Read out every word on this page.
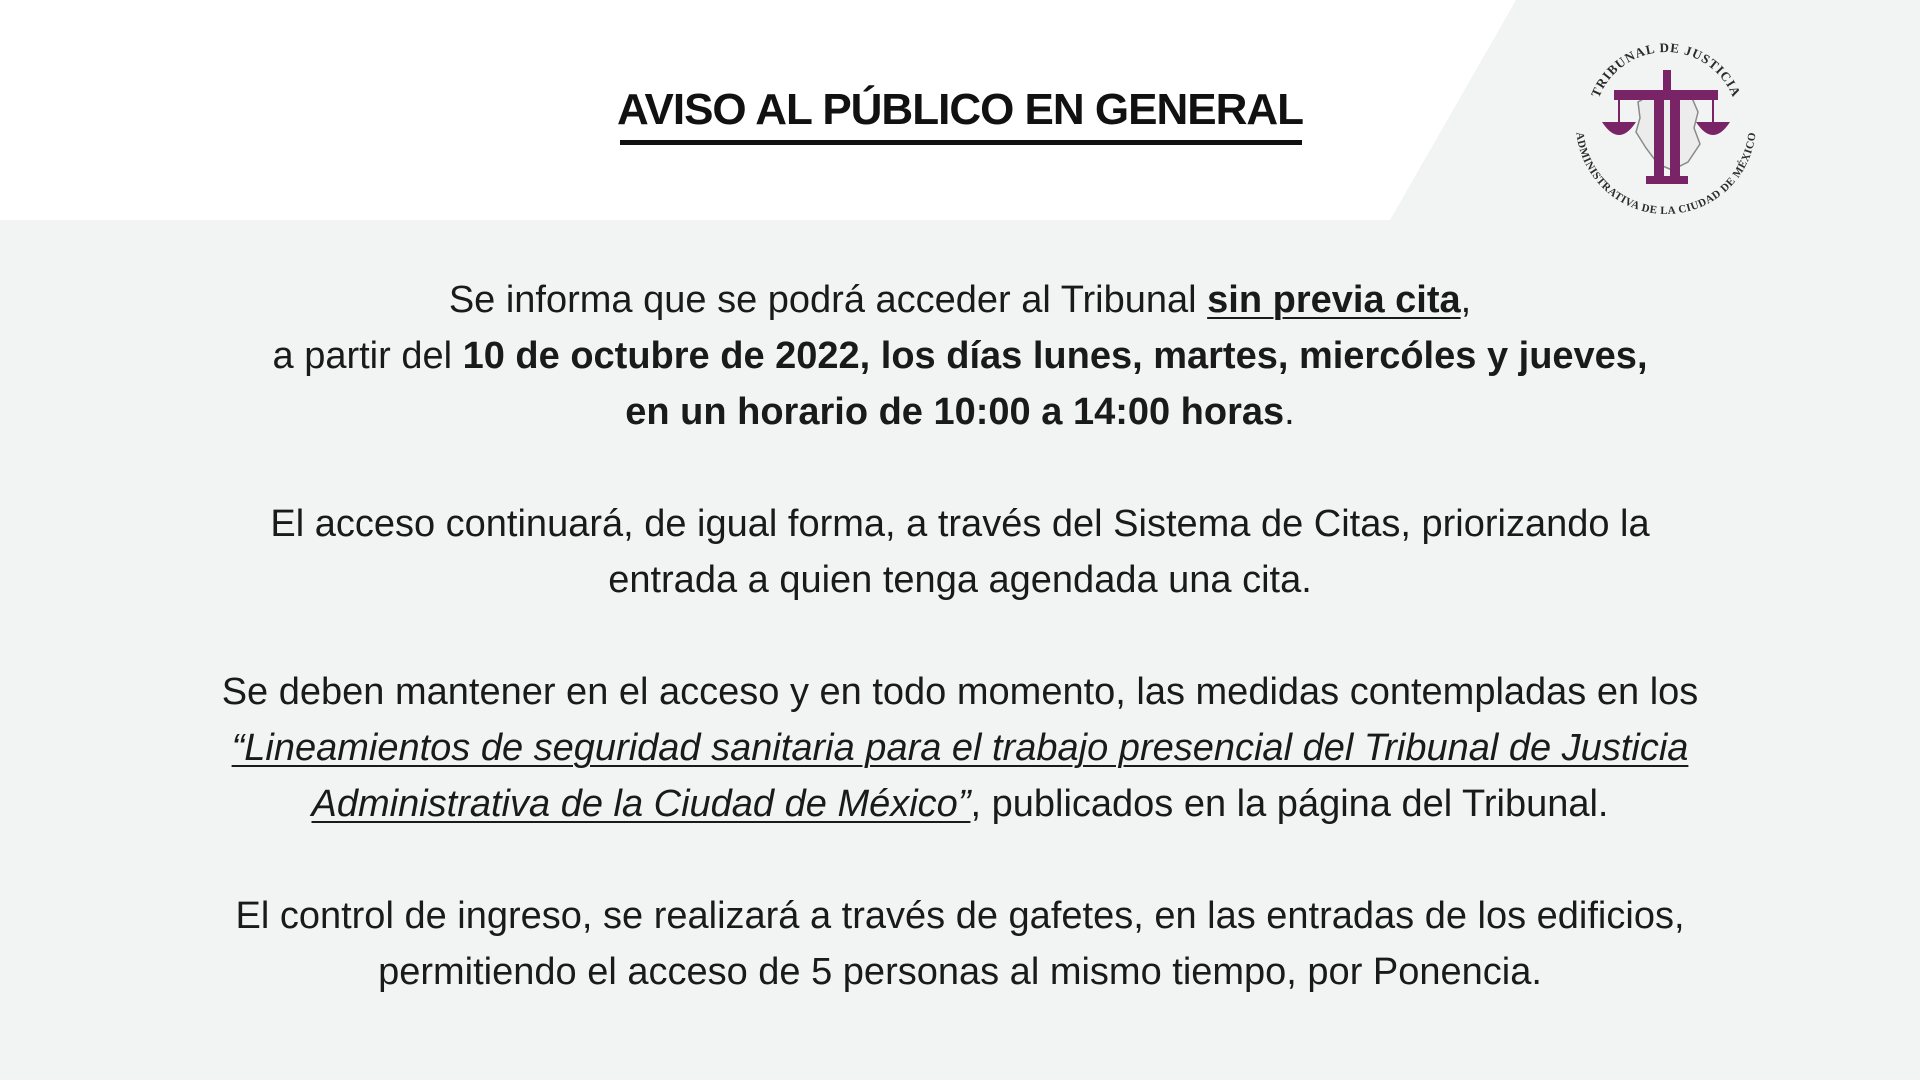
AVISO AL PÚBLICO EN GENERAL	TRIBUNAL DE JUSTICIA
ADMINISTRATIVA DE LA CIUDAD DE MÉXICO

Se informa que se podrá acceder al Tribunal sin previa cita,
a partir del 10 de octubre de 2022, los días lunes, martes, miercóles y jueves,
en un horario de 10:00 a 14:00 horas.

El acceso continuará, de igual forma, a través del Sistema de Citas, priorizando la
entrada a quien tenga agendada una cita.

Se deben mantener en el acceso y en todo momento, las medidas contempladas en los
“Lineamientos de seguridad sanitaria para el trabajo presencial del Tribunal de Justicia
Administrativa de la Ciudad de México”, publicados en la página del Tribunal.

El control de ingreso, se realizará a través de gafetes, en las entradas de los edificios,
permitiendo el acceso de 5 personas al mismo tiempo, por Ponencia.
